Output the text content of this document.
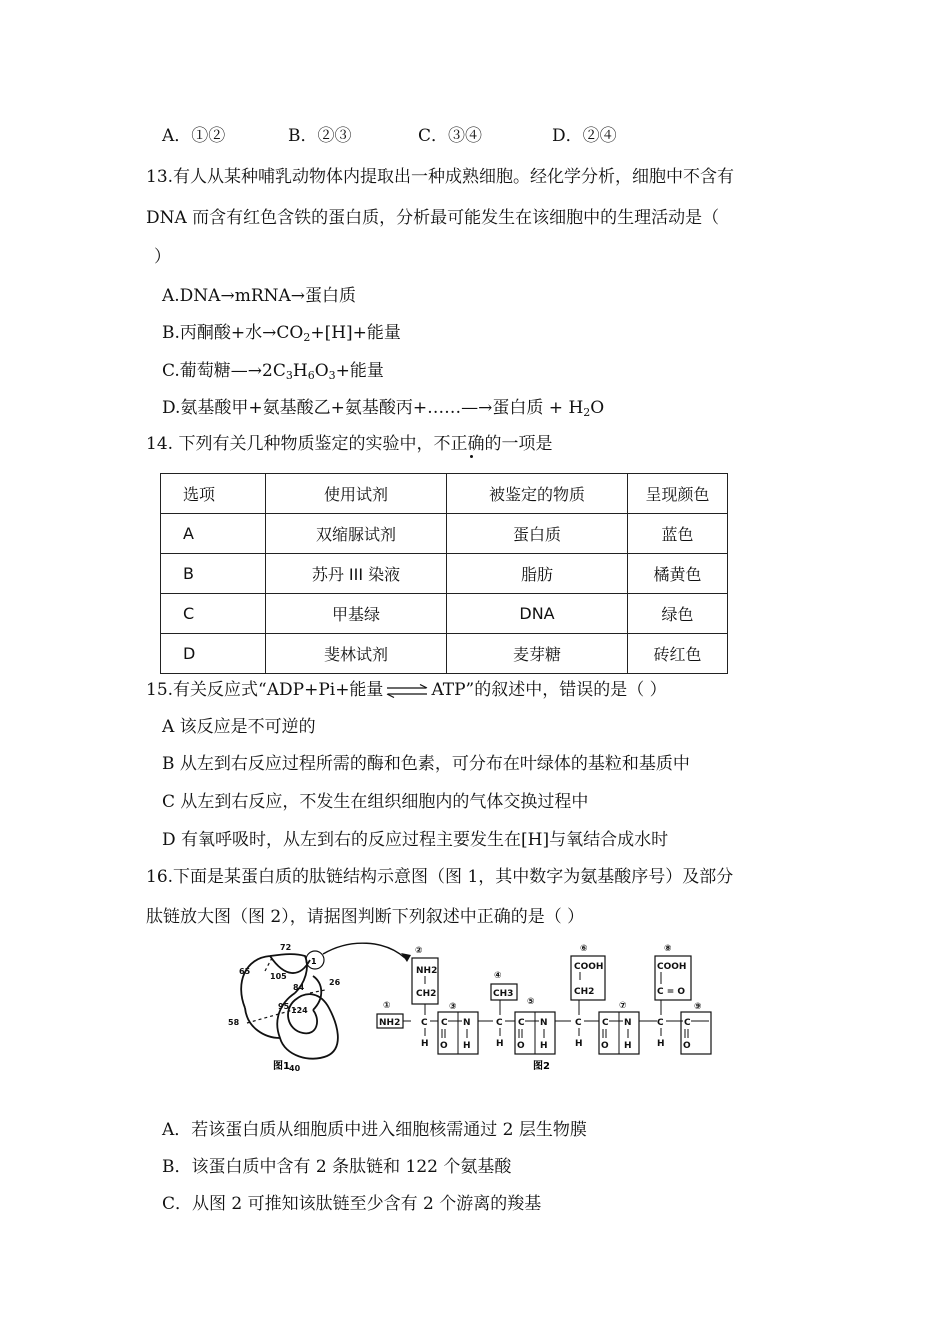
A．①②	B．②③	C．③④	D．②④
13.有人从某种哺乳动物体内提取出一种成熟细胞。经化学分析，细胞中不含有
DNA 而含有红色含铁的蛋白质，分析最可能发生在该细胞中的生理活动是（
）
A.DNA→mRNA→蛋白质
B.丙酮酸+水$\to CO_2+[H]+$能量
C.葡萄糖$—\to 2C_3H_6O_3+$能量
D.氨基酸甲+氨基酸乙+氨基酸丙+……—→蛋白质 + $H_2O$
14. 下列有关几种物质鉴定的实验中，不正确的一项是
选项	使用试剂	被鉴定的物质	呈现颜色
A	双缩脲试剂	蛋白质	蓝色
B	苏丹 III 染液	脂肪	橘黄色
C	甲基绿	DNA	绿色
D	斐林试剂	麦芽糖	砖红色
15.有关反应式“ADP+Pi+能量 ⇌ ATP”的叙述中，错误的是（ ）
A 该反应是不可逆的
B 从左到右反应过程所需的酶和色素，可分布在叶绿体的基粒和基质中
C 从左到右反应，不发生在组织细胞内的气体交换过程中
D 有氧呼吸时，从左到右的反应过程主要发生在[H]与氧结合成水时
16.下面是某蛋白质的肽链结构示意图（图 1，其中数字为氨基酸序号）及部分
肽链放大图（图 2），请据图判断下列叙述中正确的是（ ）
72
65
105
84
26
95 124
58
40
1
①
②
③
④
⑤
⑥
⑦
⑧
⑨
NH2
NH2
CH2
C
H
C N
O H
CH3
C
H
C N
O H
COOH
CH2
C
H
C N
O H
COOH
C = O
C
H
C
O
图1	图2
A．若该蛋白质从细胞质中进入细胞核需通过 2 层生物膜
B．该蛋白质中含有 2 条肽链和 122 个氨基酸
C．从图 2 可推知该肽链至少含有 2 个游离的羧基
